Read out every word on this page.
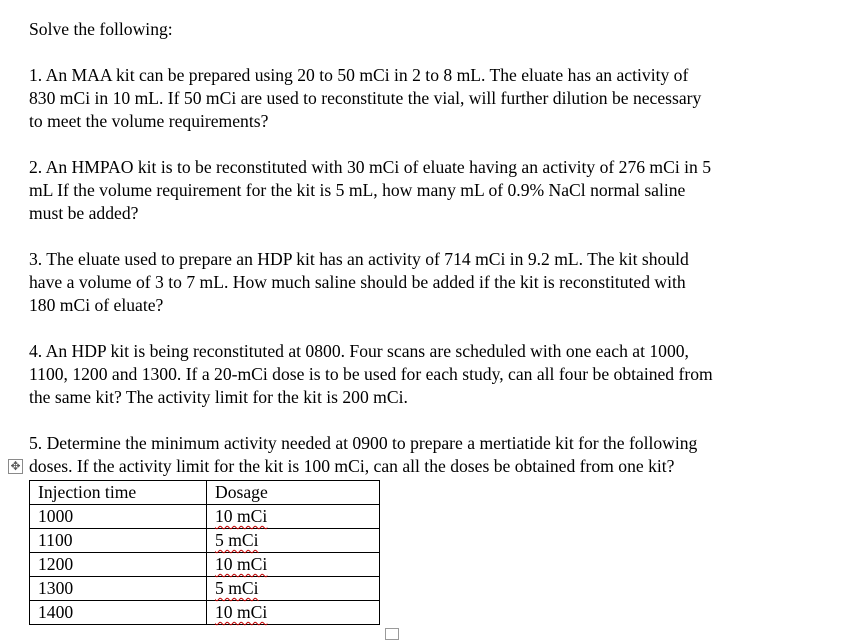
Solve the following:

1. An MAA kit can be prepared using 20 to 50 mCi in 2 to 8 mL. The eluate has an activity of
830 mCi in 10 mL. If 50 mCi are used to reconstitute the vial, will further dilution be necessary
to meet the volume requirements?

2. An HMPAO kit is to be reconstituted with 30 mCi of eluate having an activity of 276 mCi in 5
mL If the volume requirement for the kit is 5 mL, how many mL of 0.9% NaCl normal saline
must be added?

3. The eluate used to prepare an HDP kit has an activity of 714 mCi in 9.2 mL. The kit should
have a volume of 3 to 7 mL. How much saline should be added if the kit is reconstituted with
180 mCi of eluate?

4. An HDP kit is being reconstituted at 0800. Four scans are scheduled with one each at 1000,
1100, 1200 and 1300. If a 20-mCi dose is to be used for each study, can all four be obtained from
the same kit? The activity limit for the kit is 200 mCi.

5. Determine the minimum activity needed at 0900 to prepare a mertiatide kit for the following
doses. If the activity limit for the kit is 100 mCi, can all the doses be obtained from one kit?

✥
Injection time	Dosage
1000	10 mCi
1100	5 mCi
1200	10 mCi
1300	5 mCi
1400	10 mCi
